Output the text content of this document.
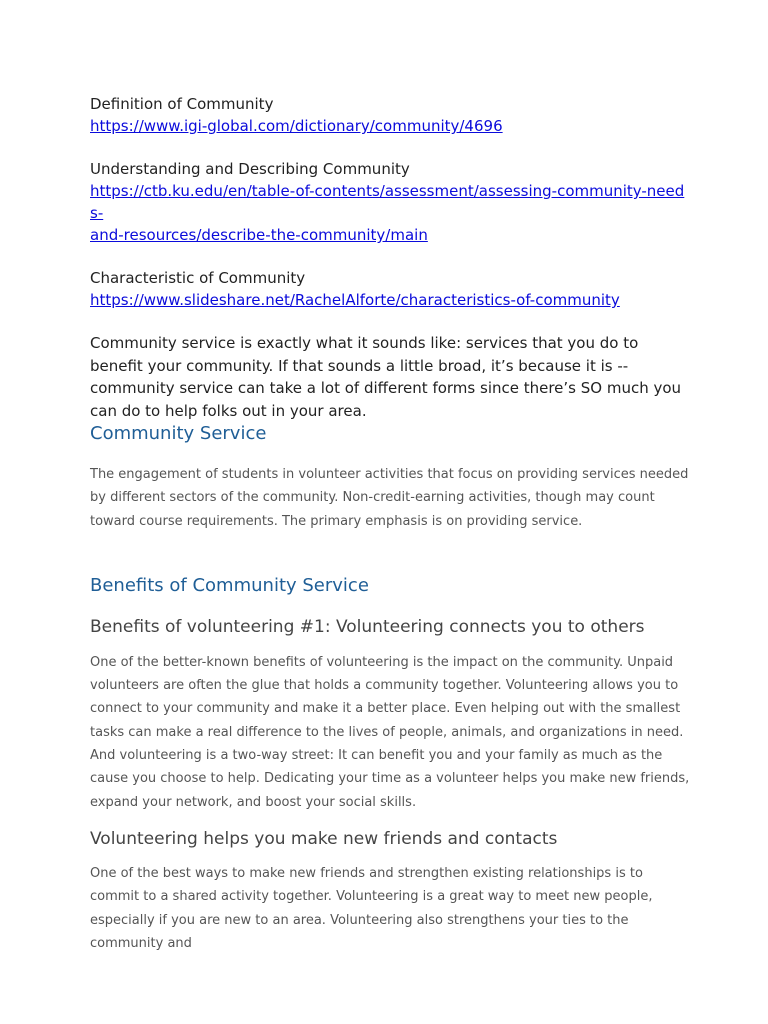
Definition of Community

https://www.igi-global.com/dictionary/community/4696

Understanding and Describing Community

https://ctb.ku.edu/en/table-of-contents/assessment/assessing-community-needs-
and-resources/describe-the-community/main

Characteristic of Community

https://www.slideshare.net/RachelAlforte/characteristics-of-community

Community service is exactly what it sounds like: services that you do to benefit your community. If that sounds a little broad, it’s because it is -- community service can take a lot of different forms since there’s SO much you can do to help folks out in your area.

Community Service

The engagement of students in volunteer activities that focus on providing services needed by different sectors of the community. Non-credit-earning activities, though may count toward course requirements. The primary emphasis is on providing service.

Benefits of Community Service
Benefits of volunteering #1: Volunteering connects you to others

One of the better-known benefits of volunteering is the impact on the community. Unpaid volunteers are often the glue that holds a community together. Volunteering allows you to connect to your community and make it a better place. Even helping out with the smallest tasks can make a real difference to the lives of people, animals, and organizations in need. And volunteering is a two-way street: It can benefit you and your family as much as the cause you choose to help. Dedicating your time as a volunteer helps you make new friends, expand your network, and boost your social skills.

Volunteering helps you make new friends and contacts

One of the best ways to make new friends and strengthen existing relationships is to commit to a shared activity together. Volunteering is a great way to meet new people, especially if you are new to an area. Volunteering also strengthens your ties to the community and
